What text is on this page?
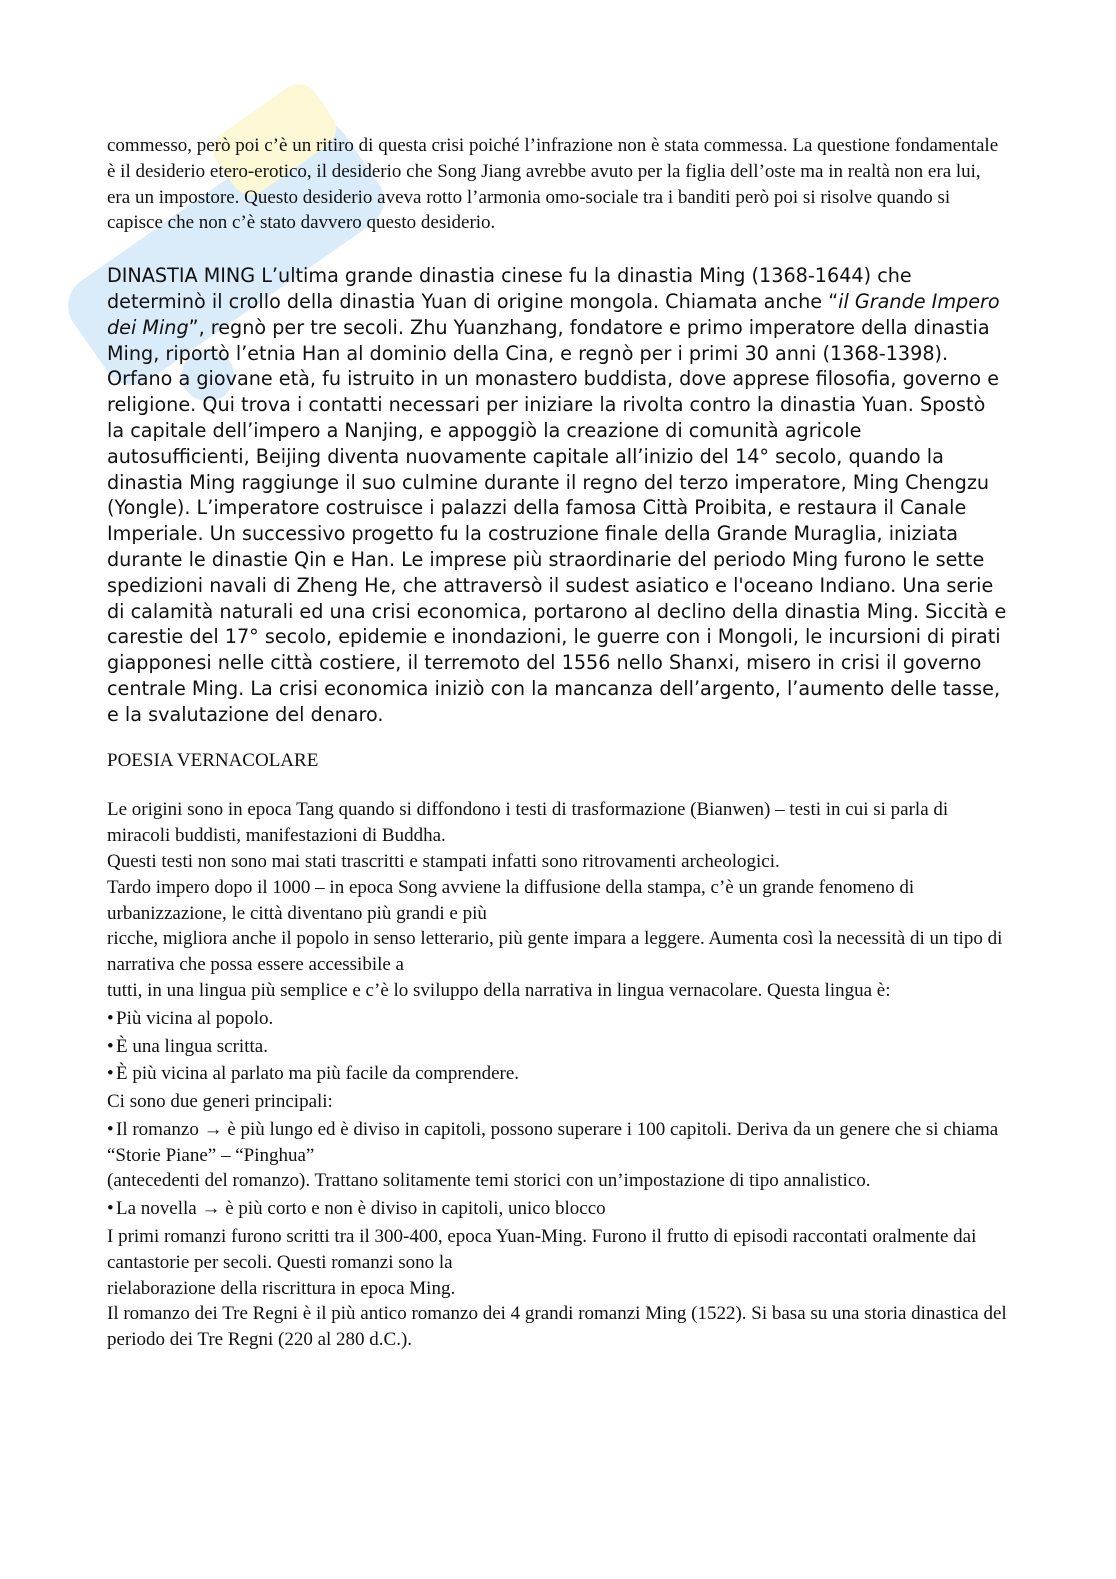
commesso, però poi c’è un ritiro di questa crisi poiché l’infrazione non è stata commessa. La questione fondamentale è il desiderio etero-erotico, il desiderio che Song Jiang avrebbe avuto per la figlia dell’oste ma in realtà non era lui, era un impostore. Questo desiderio aveva rotto l’armonia omo-sociale tra i banditi però poi si risolve quando si capisce che non c’è stato davvero questo desiderio.

DINASTIA MING L’ultima grande dinastia cinese fu la dinastia Ming (1368-1644) che determinò il crollo della dinastia Yuan di origine mongola. Chiamata anche “il Grande Impero dei Ming”, regnò per tre secoli. Zhu Yuanzhang, fondatore e primo imperatore della dinastia Ming, riportò l’etnia Han al dominio della Cina, e regnò per i primi 30 anni (1368-1398). Orfano a giovane età, fu istruito in un monastero buddista, dove apprese filosofia, governo e religione. Qui trova i contatti necessari per iniziare la rivolta contro la dinastia Yuan. Spostò la capitale dell’impero a Nanjing, e appoggiò la creazione di comunità agricole autosufficienti, Beijing diventa nuovamente capitale all’inizio del 14° secolo, quando la dinastia Ming raggiunge il suo culmine durante il regno del terzo imperatore, Ming Chengzu (Yongle). L’imperatore costruisce i palazzi della famosa Città Proibita, e restaura il Canale Imperiale. Un successivo progetto fu la costruzione finale della Grande Muraglia, iniziata durante le dinastie Qin e Han. Le imprese più straordinarie del periodo Ming furono le sette spedizioni navali di Zheng He, che attraversò il sudest asiatico e l'oceano Indiano. Una serie di calamità naturali ed una crisi economica, portarono al declino della dinastia Ming. Siccità e carestie del 17° secolo, epidemie e inondazioni, le guerre con i Mongoli, le incursioni di pirati giapponesi nelle città costiere, il terremoto del 1556 nello Shanxi, misero in crisi il governo centrale Ming. La crisi economica iniziò con la mancanza dell’argento, l’aumento delle tasse, e la svalutazione del denaro.

POESIA VERNACOLARE

Le origini sono in epoca Tang quando si diffondono i testi di trasformazione (Bianwen) – testi in cui si parla di miracoli buddisti, manifestazioni di Buddha.

Questi testi non sono mai stati trascritti e stampati infatti sono ritrovamenti archeologici.

Tardo impero dopo il 1000 – in epoca Song avviene la diffusione della stampa, c’è un grande fenomeno di urbanizzazione, le città diventano più grandi e più

ricche, migliora anche il popolo in senso letterario, più gente impara a leggere. Aumenta così la necessità di un tipo di narrativa che possa essere accessibile a

tutti, in una lingua più semplice e c’è lo sviluppo della narrativa in lingua vernacolare. Questa lingua è:

• Più vicina al popolo.

• È una lingua scritta.

• È più vicina al parlato ma più facile da comprendere.

Ci sono due generi principali:

• Il romanzo → è più lungo ed è diviso in capitoli, possono superare i 100 capitoli. Deriva da un genere che si chiama “Storie Piane” – “Pinghua”

(antecedenti del romanzo). Trattano solitamente temi storici con un’impostazione di tipo annalistico.

• La novella → è più corto e non è diviso in capitoli, unico blocco

I primi romanzi furono scritti tra il 300-400, epoca Yuan-Ming. Furono il frutto di episodi raccontati oralmente dai cantastorie per secoli. Questi romanzi sono la

rielaborazione della riscrittura in epoca Ming.

Il romanzo dei Tre Regni è il più antico romanzo dei 4 grandi romanzi Ming (1522). Si basa su una storia dinastica del periodo dei Tre Regni (220 al 280 d.C.).
